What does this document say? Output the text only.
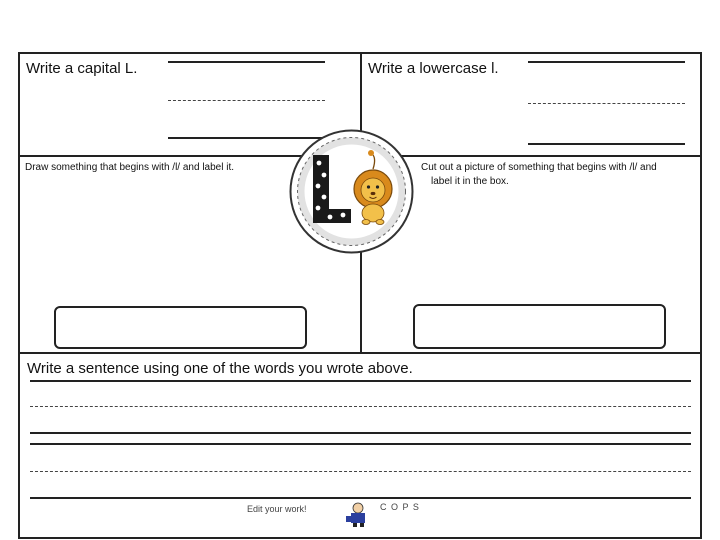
Write a capital L.	Write a lowercase l.
Draw something that begins with /l/ and label it.	Cut out a picture of something that begins with /l/ and
label it in the box.
Write a sentence using one of the words you wrote above.
Edit your work!	C O P S
